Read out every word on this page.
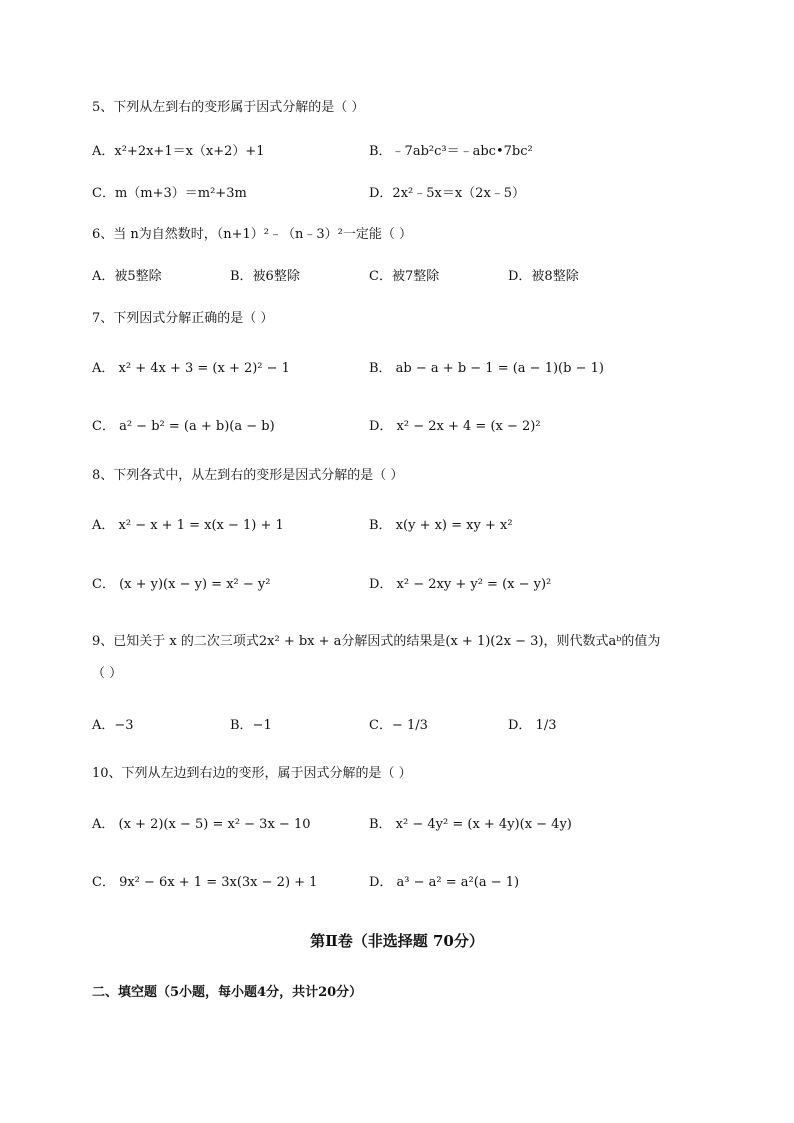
5、下列从左到右的变形属于因式分解的是（ ）
A．x²+2x+1＝x（x+2）+1	B．﹣7ab²c³＝﹣abc•7bc²
C．m（m+3）＝m²+3m	D．2x²﹣5x＝x（2x﹣5）
6、当 n为自然数时，（n+1）²﹣（n﹣3）²一定能（ ）
A．被5整除	B．被6整除	C．被7整除	D．被8整除
7、下列因式分解正确的是（ ）
A． x² + 4x + 3 = (x + 2)² − 1	B． ab − a + b − 1 = (a − 1)(b − 1)
C． a² − b² = (a + b)(a − b)	D． x² − 2x + 4 = (x − 2)²
8、下列各式中，从左到右的变形是因式分解的是（ ）
A． x² − x + 1 = x(x − 1) + 1	B． x(y + x) = xy + x²
C． (x + y)(x − y) = x² − y²	D． x² − 2xy + y² = (x − y)²
9、已知关于 x 的二次三项式2x² + bx + a分解因式的结果是(x + 1)(2x − 3)，则代数式aᵇ的值为
（ ）
A．−3	B．−1	C．− 1/3	D． 1/3
10、下列从左边到右边的变形，属于因式分解的是（ ）
A． (x + 2)(x − 5) = x² − 3x − 10	B． x² − 4y² = (x + 4y)(x − 4y)
C． 9x² − 6x + 1 = 3x(3x − 2) + 1	D． a³ − a² = a²(a − 1)
第Ⅱ卷（非选择题 70分）
二、填空题（5小题，每小题4分，共计20分）
